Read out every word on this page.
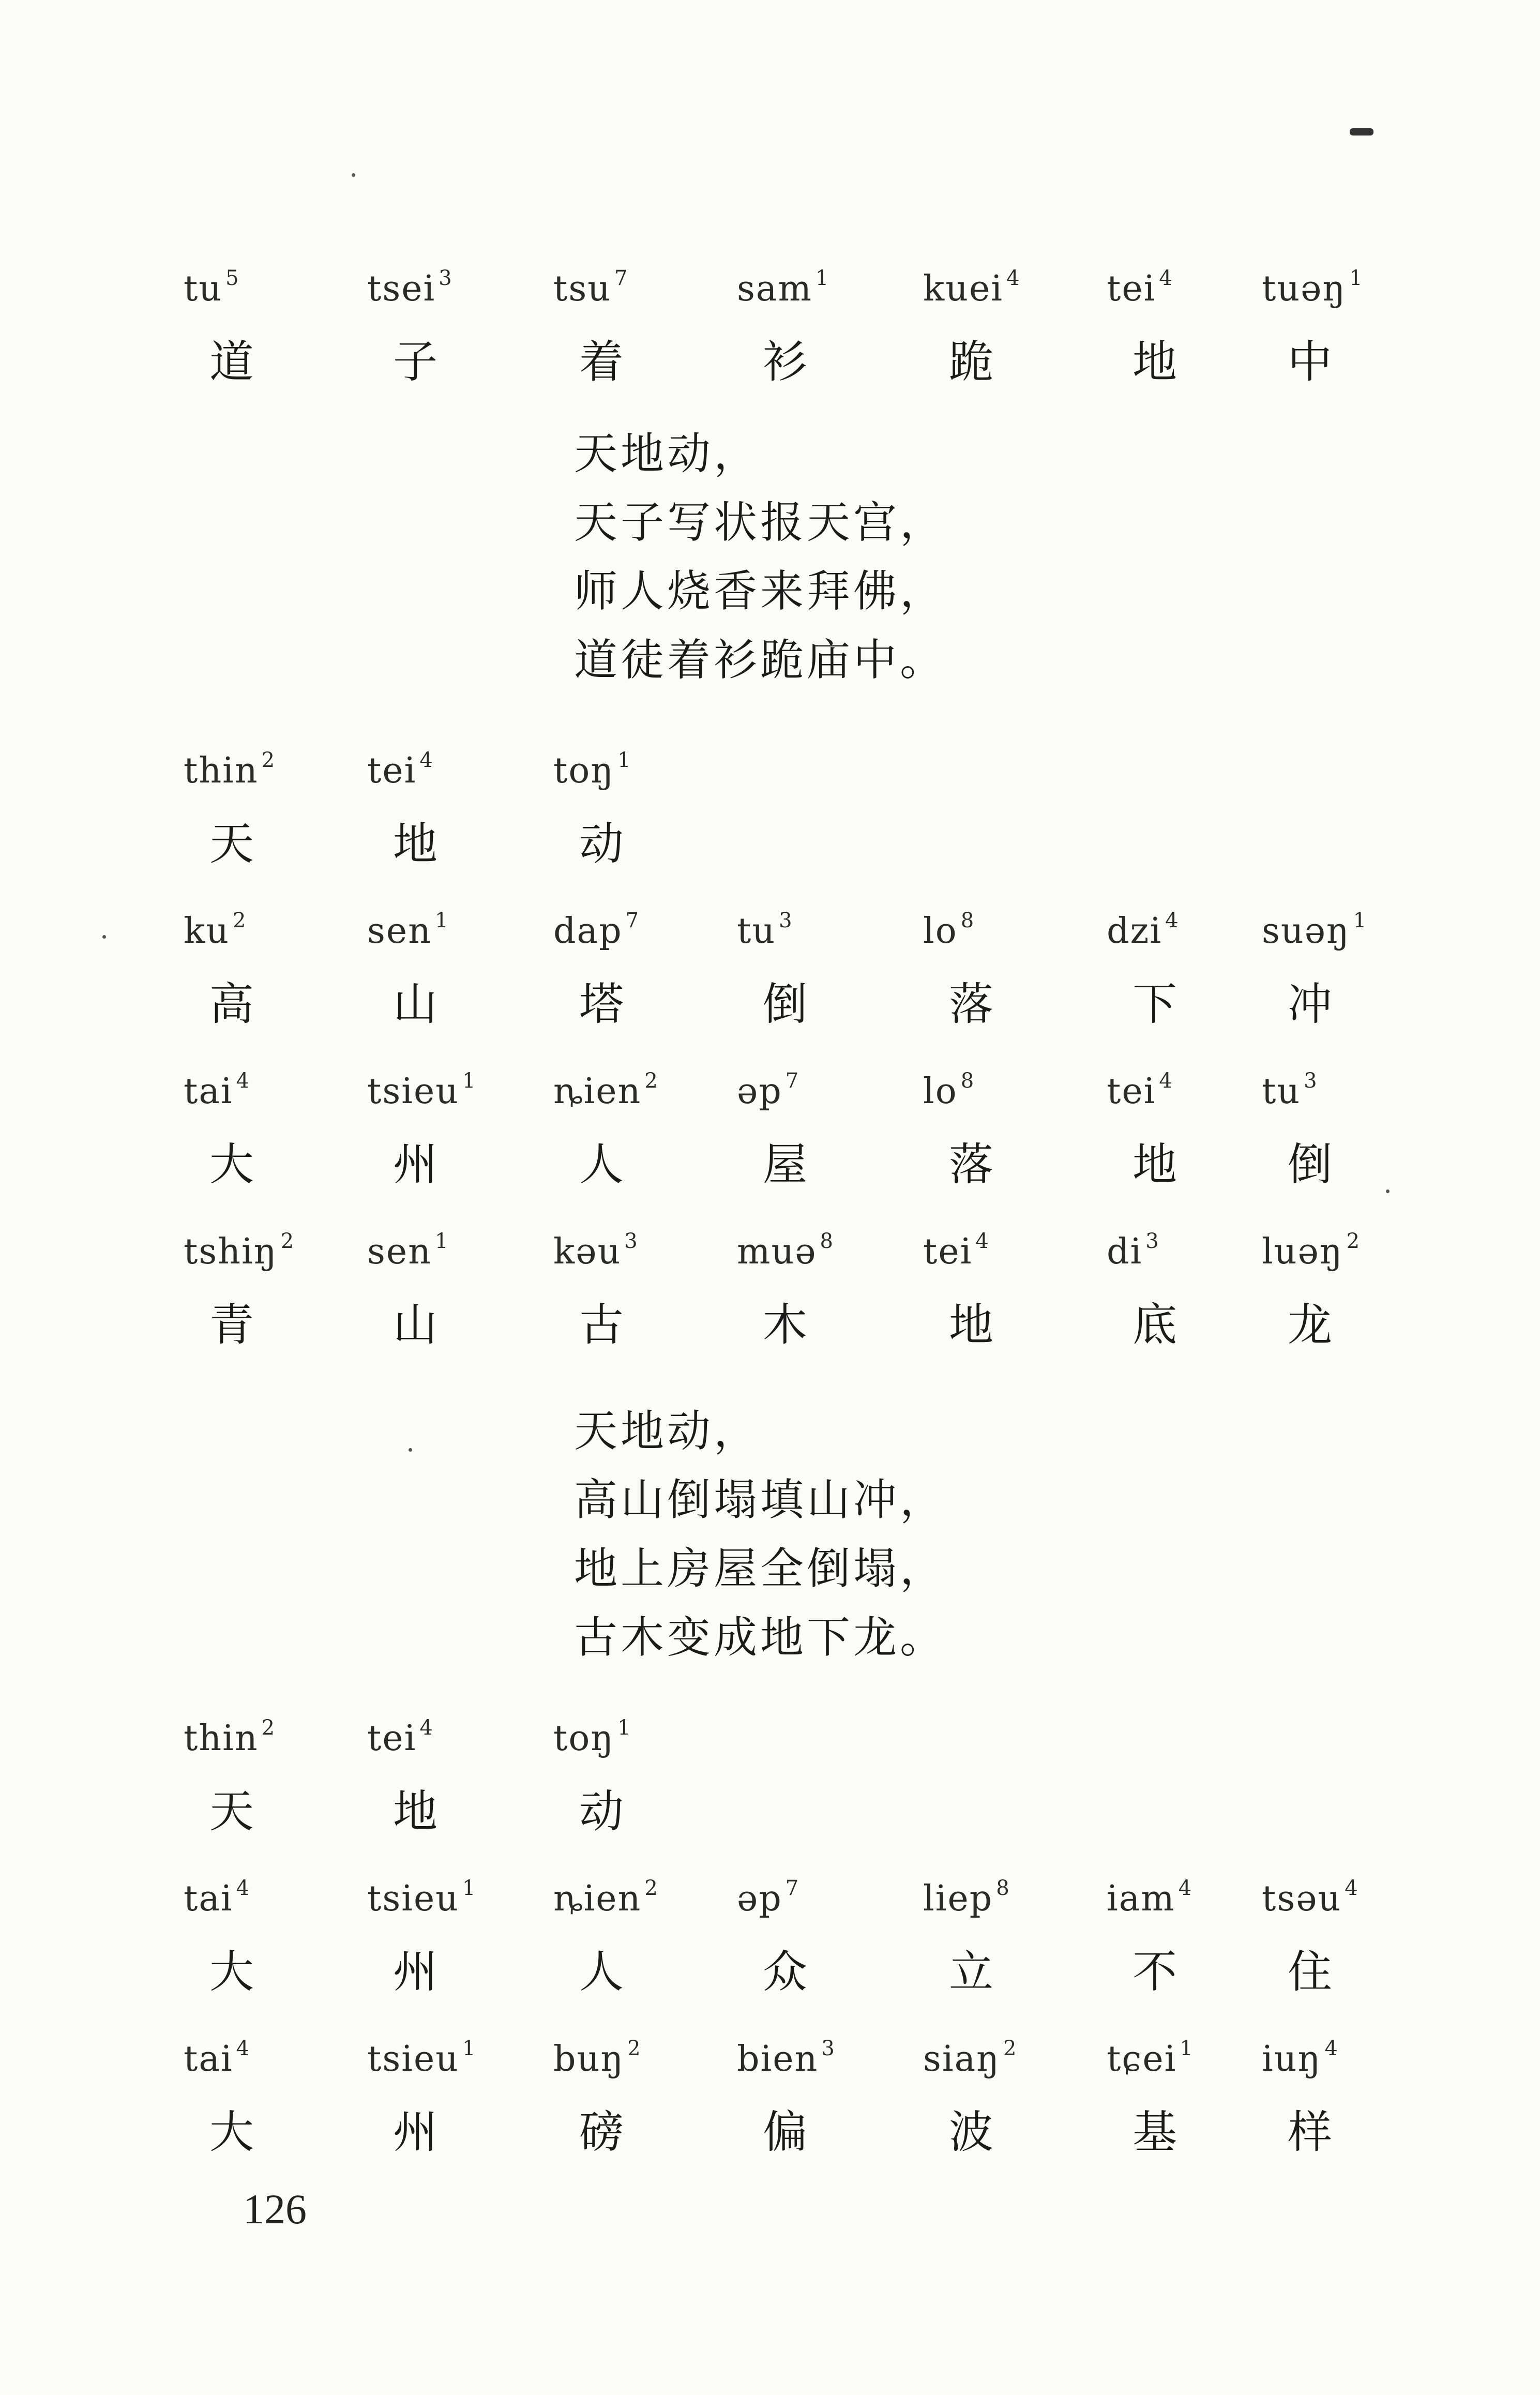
tu $^5$
道
tsei $^3$
子
tsu $^7$
着
sam $^1$
衫
kuei $^4$
跪
tei $^4$
地
tuəŋ $^1$
中
天地动，
天子写状报天宫，
师人烧香来拜佛，
道徒着衫跪庙中。
thin $^2$
天
tei $^4$
地
toŋ $^1$
动
ku $^2$
高
sen $^1$
山
dap $^7$
塔
tu $^3$
倒
lo $^8$
落
dzi $^4$
下
suəŋ $^1$
冲
tai $^4$
大
tsieu $^1$
州
ȵien $^2$
人
əp $^7$
屋
lo $^8$
落
tei $^4$
地
tu $^3$
倒
tshiŋ $^2$
青
sen $^1$
山
kəu $^3$
古
muə $^8$
木
tei $^4$
地
di $^3$
底
luəŋ $^2$
龙
天地动，
高山倒塌填山冲，
地上房屋全倒塌，
古木变成地下龙。
thin $^2$
天
tei $^4$
地
toŋ $^1$
动
tai $^4$
大
tsieu $^1$
州
ȵien $^2$
人
əp $^7$
众
liep $^8$
立
iam $^4$
不
tsəu $^4$
住
tai $^4$
大
tsieu $^1$
州
buŋ $^2$
磅
bien $^3$
偏
siaŋ $^2$
波
tɕei $^1$
基
iuŋ $^4$
样
126
